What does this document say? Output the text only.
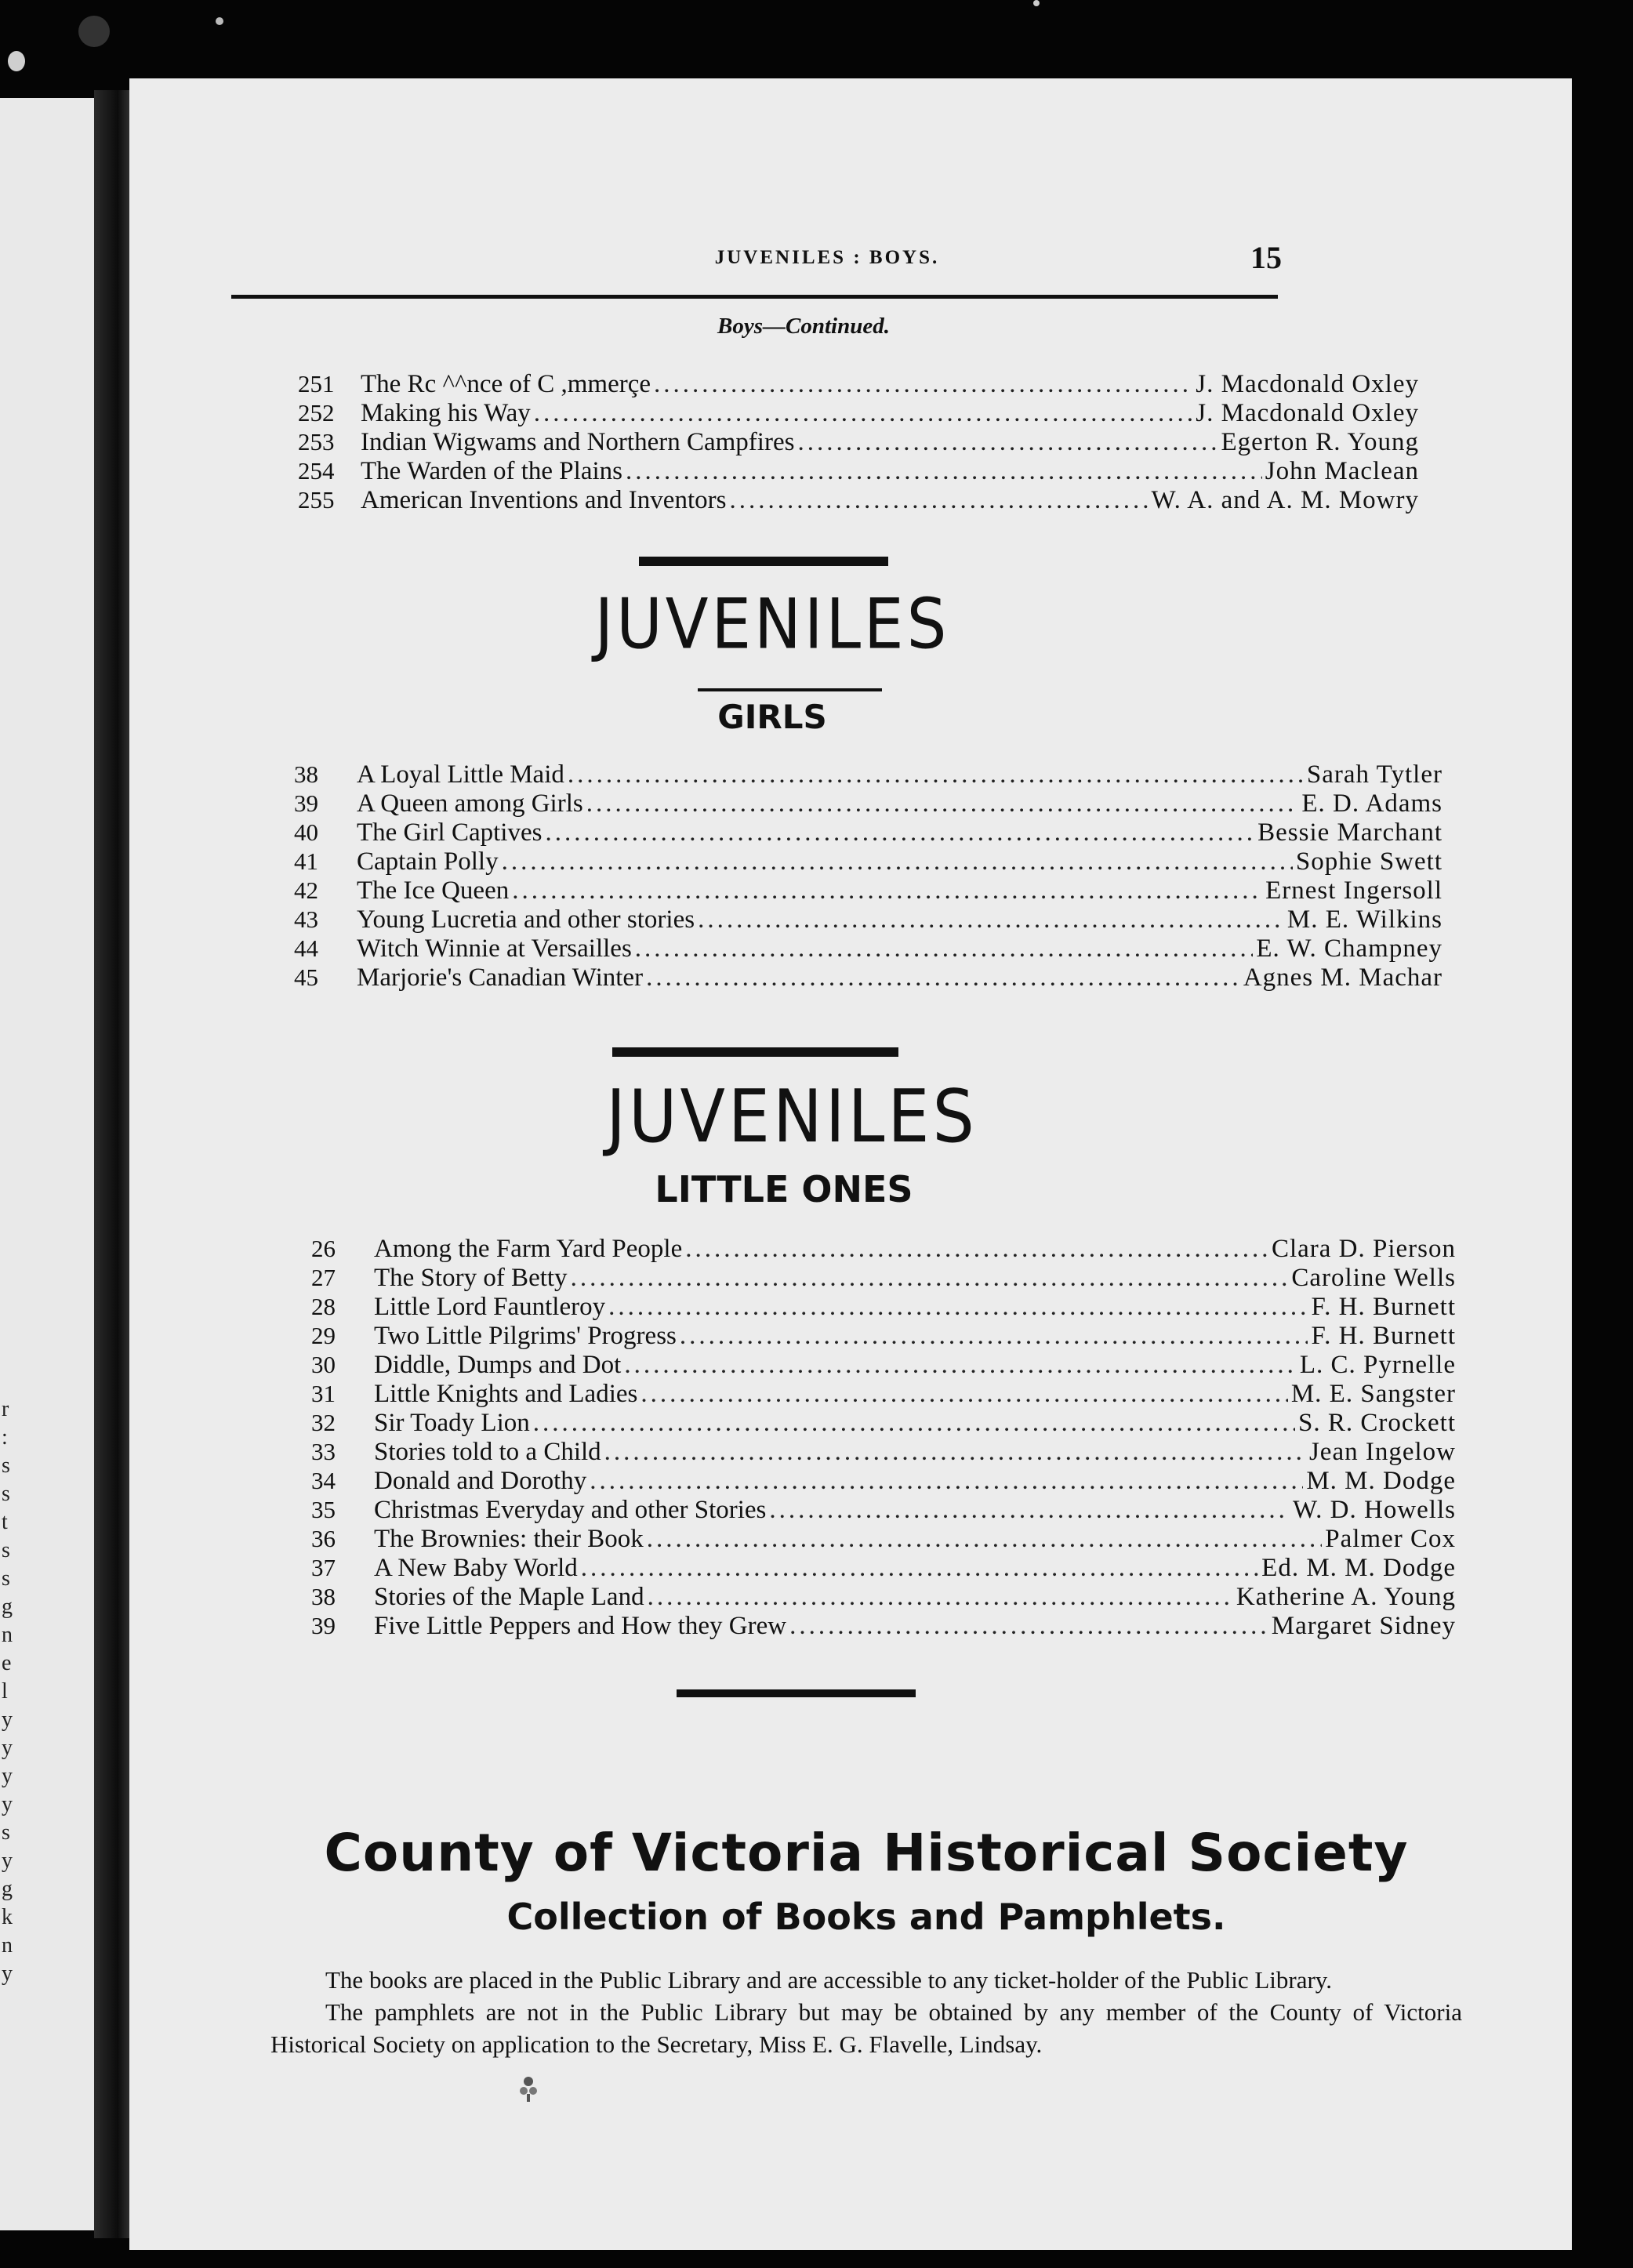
r
:
s
s
t
s
s
g
n
e
l
y
y
y
y
s
y
g
k
n
y
JUVENILES : BOYS.	15
Boys—Continued.
251	The Rc ^^nce of C ,mmerçe .....	J. Macdonald Oxley
252	Making his Way .....	J. Macdonald Oxley
253	Indian Wigwams and Northern Campfires .....	Egerton R. Young
254	The Warden of the Plains .....	John Maclean
255	American Inventions and Inventors .....	W. A. and A. M. Mowry
JUVENILES
GIRLS
38	A Loyal Little Maid .....	Sarah Tytler
39	A Queen among Girls .....	E. D. Adams
40	The Girl Captives .....	Bessie Marchant
41	Captain Polly .....	Sophie Swett
42	The Ice Queen .....	Ernest Ingersoll
43	Young Lucretia and other stories .....	M. E. Wilkins
44	Witch Winnie at Versailles .....	E. W. Champney
45	Marjorie's Canadian Winter .....	Agnes M. Machar
JUVENILES
LITTLE ONES
26	Among the Farm Yard People .....	Clara D. Pierson
27	The Story of Betty .....	Caroline Wells
28	Little Lord Fauntleroy .....	F. H. Burnett
29	Two Little Pilgrims' Progress .....	F. H. Burnett
30	Diddle, Dumps and Dot .....	L. C. Pyrnelle
31	Little Knights and Ladies .....	M. E. Sangster
32	Sir Toady Lion .....	S. R. Crockett
33	Stories told to a Child .....	Jean Ingelow
34	Donald and Dorothy .....	M. M. Dodge
35	Christmas Everyday and other Stories .....	W. D. Howells
36	The Brownies: their Book .....	Palmer Cox
37	A New Baby World .....	Ed. M. M. Dodge
38	Stories of the Maple Land .....	Katherine A. Young
39	Five Little Peppers and How they Grew .....	Margaret Sidney
County of Victoria Historical Society
Collection of Books and Pamphlets.

The books are placed in the Public Library and are accessible to any ticket-holder of the Public Library.

The pamphlets are not in the Public Library but may be obtained by any member of the County of Victoria Historical Society on application to the Secretary, Miss E. G. Flavelle, Lindsay.
